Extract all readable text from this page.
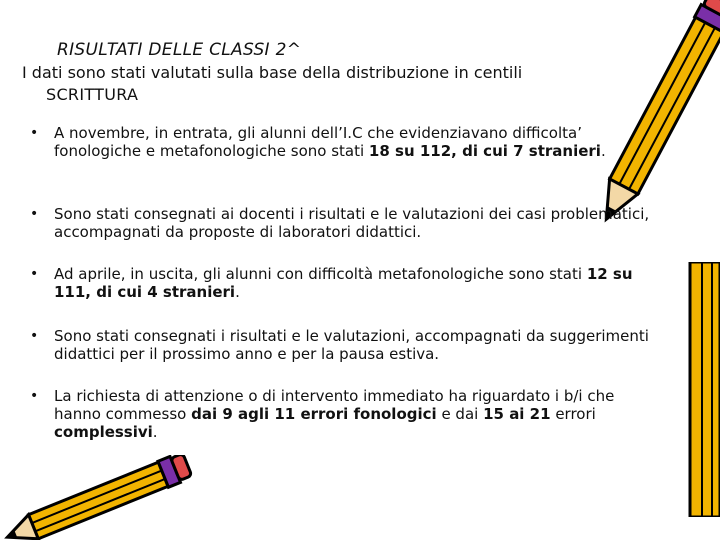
RISULTATI DELLE CLASSI 2^
I dati sono stati valutati sulla base della distribuzione in centili
SCRITTURA
• A novembre, in entrata, gli alunni dell’I.C che evidenziavano difficolta’ fonologiche e metafonologiche sono stati 18 su 112, di cui 7 stranieri.
• Sono stati consegnati ai docenti i risultati e le valutazioni dei casi problematici, accompagnati da proposte di laboratori didattici.
• Ad aprile, in uscita, gli alunni con difficoltà metafonologiche sono stati 12 su 111, di cui 4 stranieri.
• Sono stati consegnati i risultati e le valutazioni, accompagnati da suggerimenti didattici per il prossimo anno e per la pausa estiva.
• La richiesta di attenzione o di intervento immediato ha riguardato i b/i che hanno commesso dai 9 agli 11 errori fonologici e dai 15 ai 21 errori complessivi.
